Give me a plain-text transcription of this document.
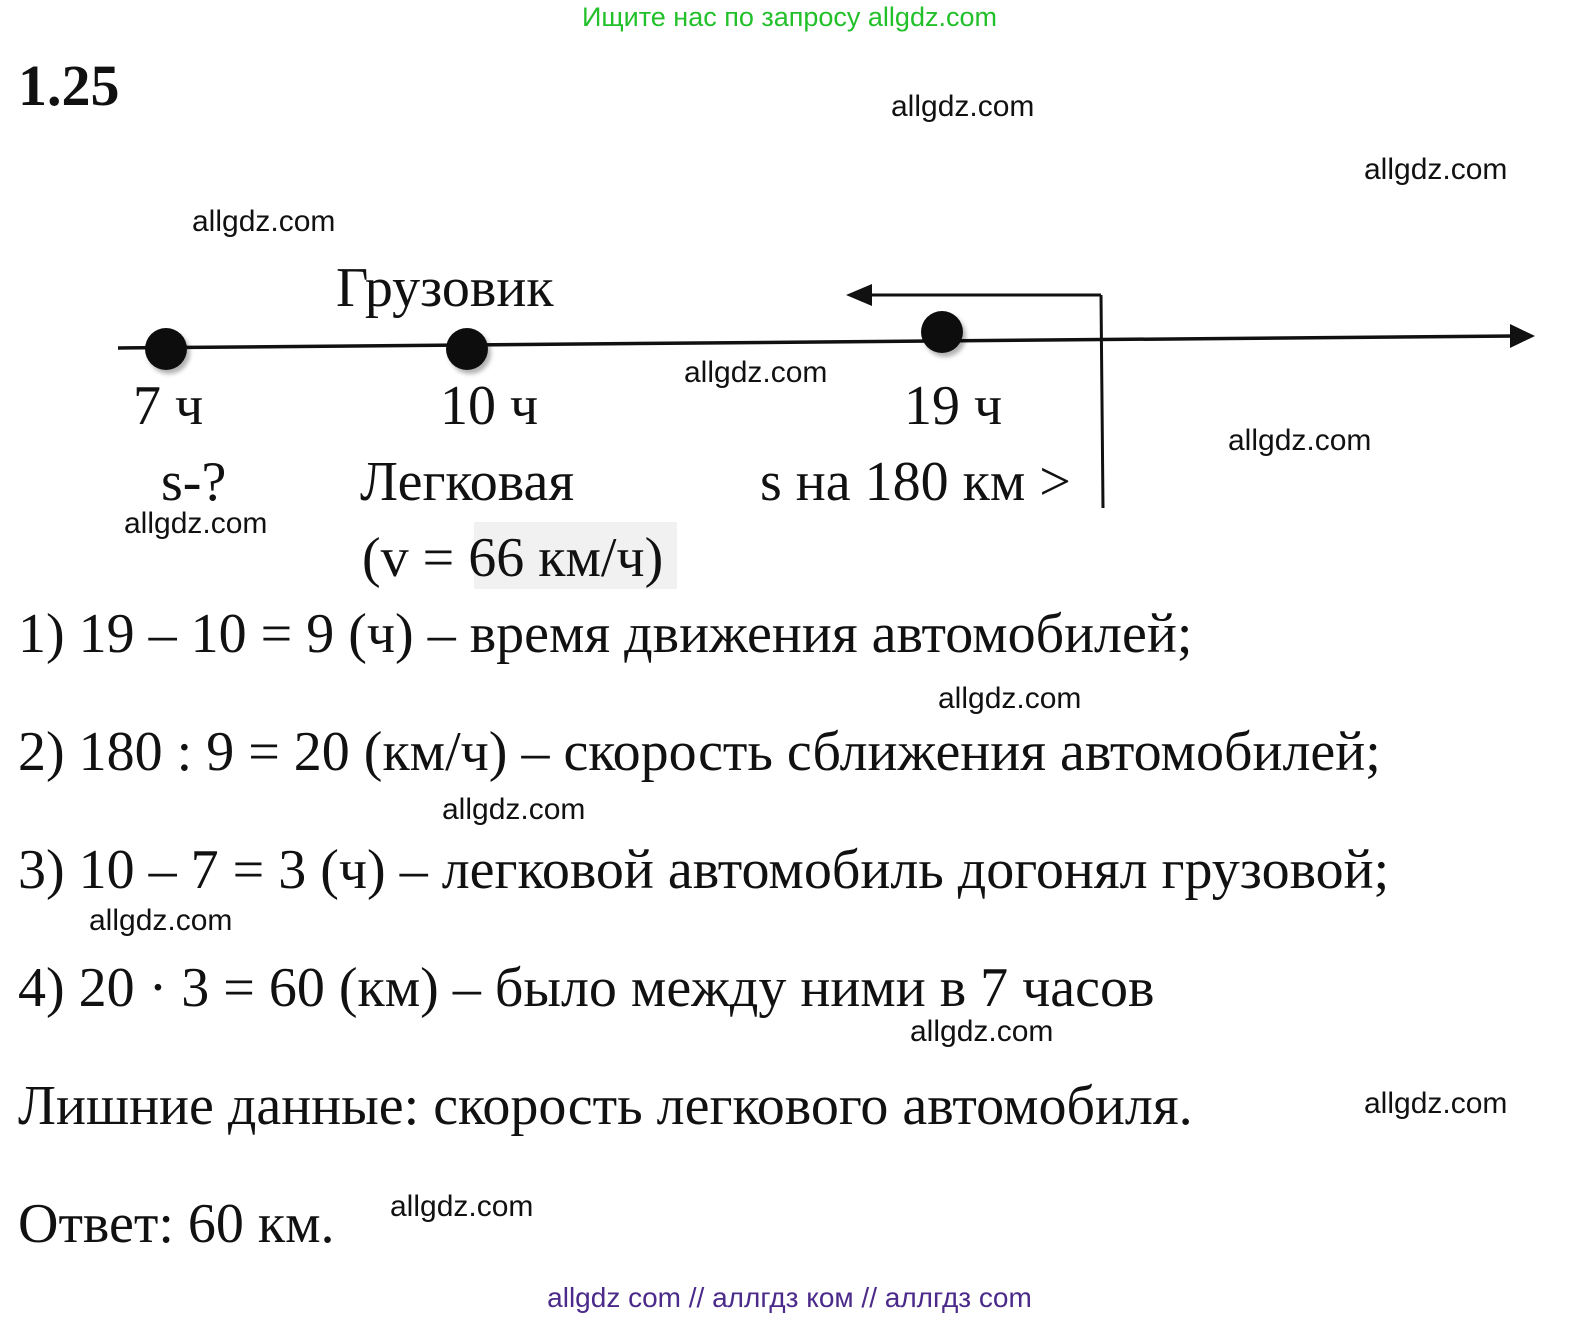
Ищите нас по запросу allgdz.com
1.25
Грузовик
7 ч	10 ч	19 ч
s-? Легковая
(v = 66 км/ч)
s на 180 км >
1) 19 – 10 = 9 (ч) – время движения автомобилей;
2) 180 : 9 = 20 (км/ч) – скорость сближения автомобилей;
3) 10 – 7 = 3 (ч) – легковой автомобиль догонял грузовой;
4) 20 · 3 = 60 (км) – было между ними в 7 часов
Лишние данные: скорость легкового автомобиля.
Ответ: 60 км.
allgdz.com
allgdz.com
allgdz.com
allgdz.com
allgdz.com
allgdz.com
allgdz.com
allgdz.com
allgdz.com
allgdz.com
allgdz.com
allgdz.com
allgdz com // аллгдз ком // аллгдз com
